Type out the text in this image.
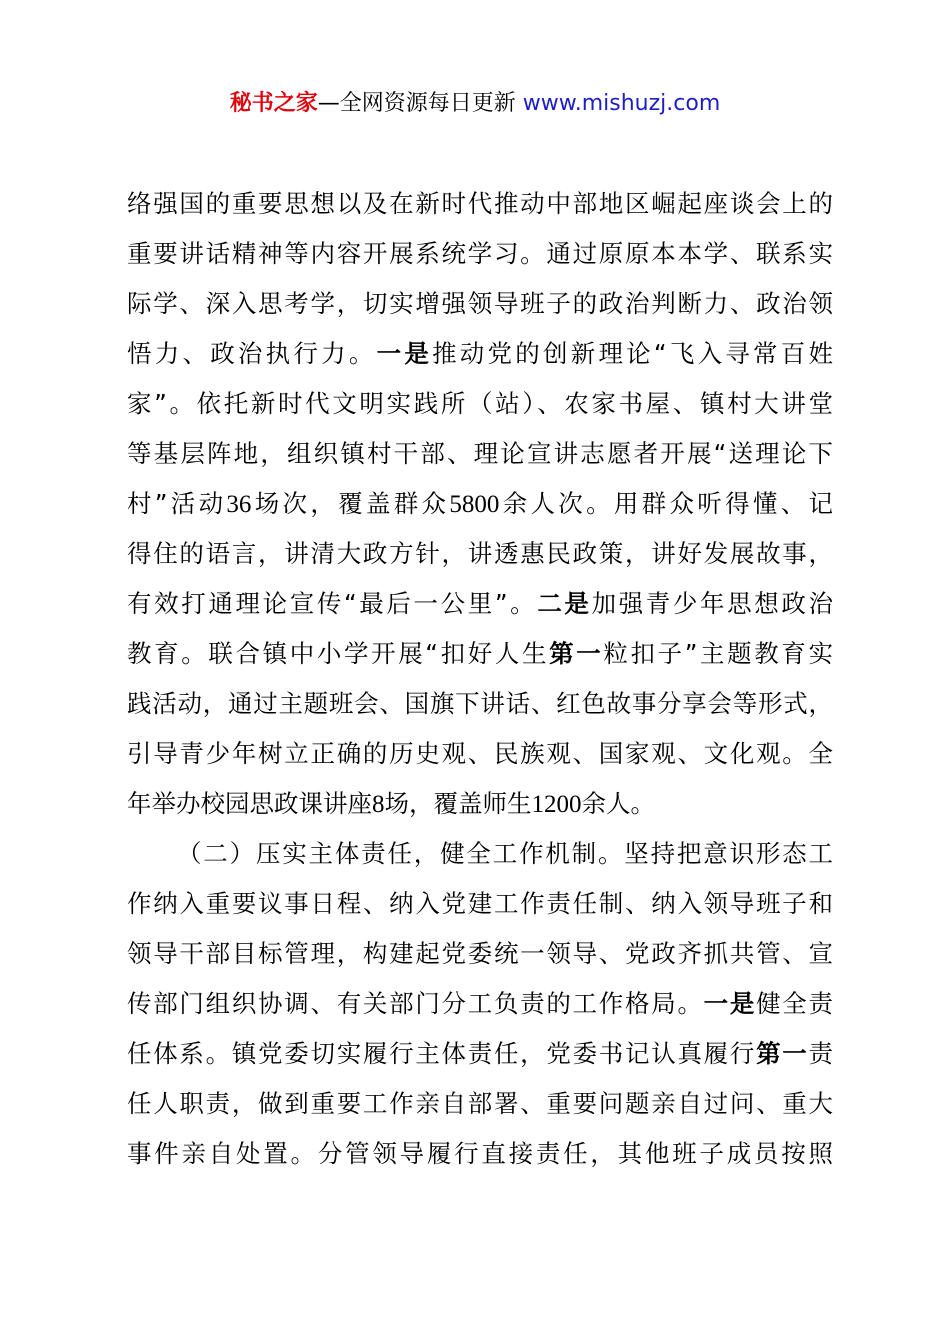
秘书之家—全网资源每日更新 www.mishuzj.com
络强国的重要思想以及在新时代推动中部地区崛起座谈会上的
重要讲话精神等内容开展系统学习。通过原原本本学、联系实
际学、深入思考学，切实增强领导班子的政治判断力、政治领
悟力、政治执行力。一是推动党的创新理论“飞入寻常百姓
家”。依托新时代文明实践所（站）、农家书屋、镇村大讲堂
等基层阵地，组织镇村干部、理论宣讲志愿者开展“送理论下
村”活动36场次，覆盖群众5800余人次。用群众听得懂、记
得住的语言，讲清大政方针，讲透惠民政策，讲好发展故事，
有效打通理论宣传“最后一公里”。二是加强青少年思想政治
教育。联合镇中小学开展“扣好人生第一粒扣子”主题教育实
践活动，通过主题班会、国旗下讲话、红色故事分享会等形式，
引导青少年树立正确的历史观、民族观、国家观、文化观。全
年举办校园思政课讲座8场，覆盖师生1200余人。
（二）压实主体责任，健全工作机制。坚持把意识形态工
作纳入重要议事日程、纳入党建工作责任制、纳入领导班子和
领导干部目标管理，构建起党委统一领导、党政齐抓共管、宣
传部门组织协调、有关部门分工负责的工作格局。一是健全责
任体系。镇党委切实履行主体责任，党委书记认真履行第一责
任人职责，做到重要工作亲自部署、重要问题亲自过问、重大
事件亲自处置。分管领导履行直接责任，其他班子成员按照
